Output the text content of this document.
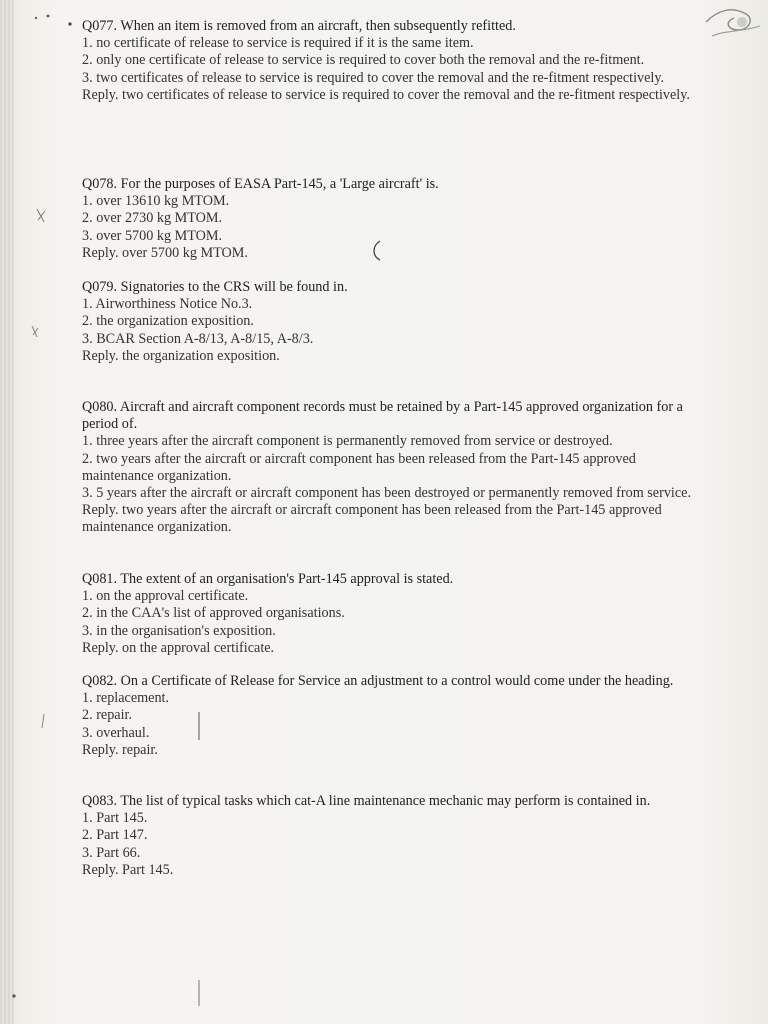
Q077. When an item is removed from an aircraft, then subsequently refitted.

1. no certificate of release to service is required if it is the same item.

2. only one certificate of release to service is required to cover both the removal and the re-fitment.

3. two certificates of release to service is required to cover the removal and the re-fitment respectively.

Reply. two certificates of release to service is required to cover the removal and the re-fitment respectively.

Q078. For the purposes of EASA Part-145, a 'Large aircraft' is.

1. over 13610 kg MTOM.

2. over 2730 kg MTOM.

3. over 5700 kg MTOM.

Reply. over 5700 kg MTOM.

Q079. Signatories to the CRS will be found in.

1. Airworthiness Notice No.3.

2. the organization exposition.

3. BCAR Section A-8/13, A-8/15, A-8/3.

Reply. the organization exposition.

Q080. Aircraft and aircraft component records must be retained by a Part-145 approved organization for a period of.

1. three years after the aircraft component is permanently removed from service or destroyed.

2. two years after the aircraft or aircraft component has been released from the Part-145 approved maintenance organization.

3. 5 years after the aircraft or aircraft component has been destroyed or permanently removed from service.

Reply. two years after the aircraft or aircraft component has been released from the Part-145 approved maintenance organization.

Q081. The extent of an organisation's Part-145 approval is stated.

1. on the approval certificate.

2. in the CAA's list of approved organisations.

3. in the organisation's exposition.

Reply. on the approval certificate.

Q082. On a Certificate of Release for Service an adjustment to a control would come under the heading.

1. replacement.

2. repair.

3. overhaul.

Reply. repair.

Q083. The list of typical tasks which cat-A line maintenance mechanic may perform is contained in.

1. Part 145.

2. Part 147.

3. Part 66.

Reply. Part 145.
